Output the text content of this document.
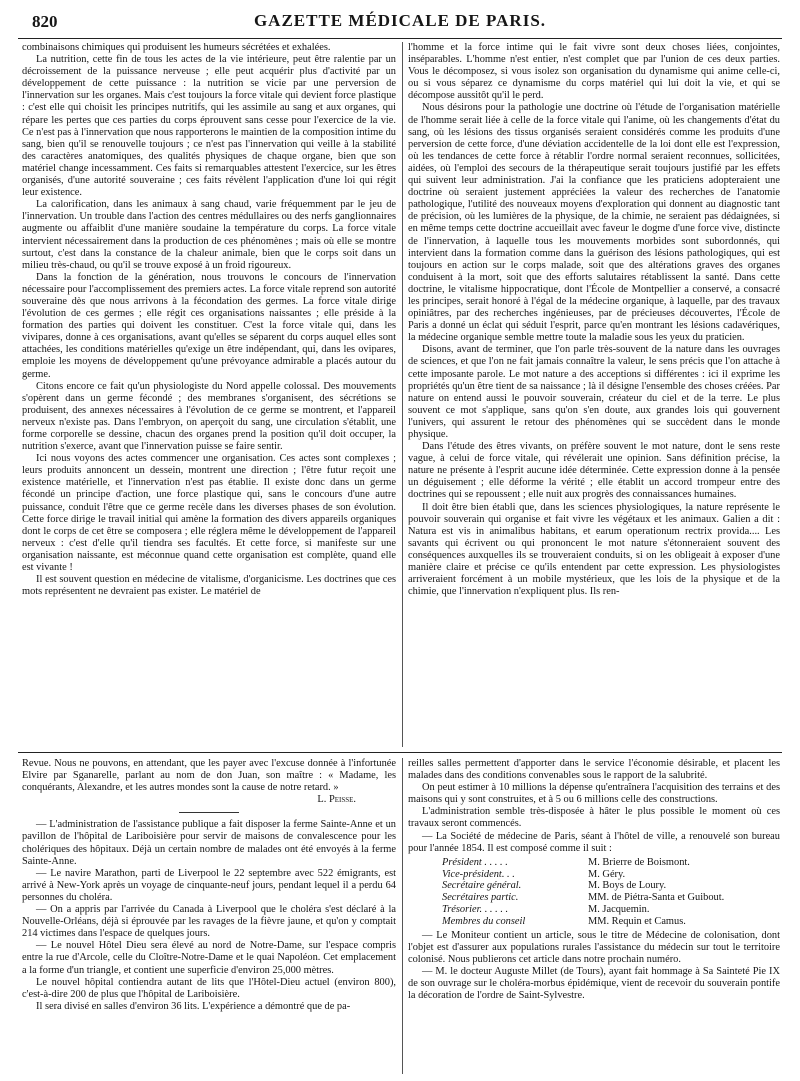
820	GAZETTE MÉDICALE DE PARIS.

combinaisons chimiques qui produisent les humeurs sécrétées et exhalées.

La nutrition, cette fin de tous les actes de la vie intérieure, peut être ralentie par un décroissement de la puissance nerveuse ; elle peut acquérir plus d'activité par un développement de cette puissance : la nutrition se vicie par une perversion de l'innervation sur les organes. Mais c'est toujours la force vitale qui devient force plastique : c'est elle qui choisit les principes nutritifs, qui les assimile au sang et aux organes, qui répare les pertes que ces parties du corps éprouvent sans cesse pour l'exercice de la vie. Ce n'est pas à l'innervation que nous rapporterons le maintien de la composition intime du sang, bien qu'il se renouvelle toujours ; ce n'est pas l'innervation qui veille à la stabilité des caractères anatomiques, des qualités physiques de chaque organe, bien que son matériel change incessamment. Ces faits si remarquables attestent l'exercice, sur les êtres organisés, d'une autorité souveraine ; ces faits révèlent l'application d'une loi qui régit leur existence.

La calorification, dans les animaux à sang chaud, varie fréquemment par le jeu de l'innervation. Un trouble dans l'action des centres médullaires ou des nerfs ganglionnaires augmente ou affaiblit d'une manière soudaine la température du corps. La force vitale intervient nécessairement dans la production de ces phénomènes ; mais où elle se montre surtout, c'est dans la constance de la chaleur animale, bien que le corps soit dans un milieu très-chaud, ou qu'il se trouve exposé à un froid rigoureux.

Dans la fonction de la génération, nous trouvons le concours de l'innervation nécessaire pour l'accomplissement des premiers actes. La force vitale reprend son autorité souveraine dès que nous arrivons à la fécondation des germes. La force vitale dirige l'évolution de ces germes ; elle régit ces organisations naissantes ; elle préside à la formation des parties qui doivent les constituer. C'est la force vitale qui, dans les vivipares, donne à ces organisations, avant qu'elles se séparent du corps auquel elles sont attachées, les conditions matérielles qu'exige un être indépendant, qui, dans les ovipares, emploie les moyens de développement qu'une prévoyance admirable a placés autour du germe.

Citons encore ce fait qu'un physiologiste du Nord appelle colossal. Des mouvements s'opèrent dans un germe fécondé ; des membranes s'organisent, des sécrétions se produisent, des annexes nécessaires à l'évolution de ce germe se montrent, et l'appareil nerveux n'existe pas. Dans l'embryon, on aperçoit du sang, une circulation s'établit, une forme corporelle se dessine, chacun des organes prend la position qu'il doit occuper, la nutrition s'exerce, avant que l'innervation puisse se faire sentir.

Ici nous voyons des actes commencer une organisation. Ces actes sont complexes ; leurs produits annoncent un dessein, montrent une direction ; l'être futur reçoit une existence matérielle, et l'innervation n'est pas établie. Il existe donc dans un germe fécondé un principe d'action, une force plastique qui, sans le concours d'une autre puissance, conduit l'être que ce germe recèle dans les diverses phases de son évolution. Cette force dirige le travail initial qui amène la formation des divers appareils organiques dont le corps de cet être se composera ; elle réglera même le développement de l'appareil nerveux : c'est d'elle qu'il tiendra ses facultés. Et cette force, si manifeste sur une organisation naissante, est méconnue quand cette organisation est complète, quand elle est vivante !

Il est souvent question en médecine de vitalisme, d'organicisme. Les doctrines que ces mots représentent ne devraient pas exister. Le matériel de

l'homme et la force intime qui le fait vivre sont deux choses liées, conjointes, inséparables. L'homme n'est entier, n'est complet que par l'union de ces deux parties. Vous le décomposez, si vous isolez son organisation du dynamisme qui anime celle-ci, ou si vous séparez ce dynamisme du corps matériel qui lui doit la vie, et qui se décompose aussitôt qu'il le perd.

Nous désirons pour la pathologie une doctrine où l'étude de l'organisation matérielle de l'homme serait liée à celle de la force vitale qui l'anime, où les changements d'état du sang, où les lésions des tissus organisés seraient considérés comme les produits d'une perversion de cette force, d'une déviation accidentelle de la loi dont elle est l'expression, où les tendances de cette force à rétablir l'ordre normal seraient reconnues, sollicitées, aidées, où l'emploi des secours de la thérapeutique serait toujours justifié par les effets qui suivent leur administration. J'ai la confiance que les praticiens adopteraient une doctrine où seraient justement appréciées la valeur des recherches de l'anatomie pathologique, l'utilité des nouveaux moyens d'exploration qui donnent au diagnostic tant de précision, où les lumières de la physique, de la chimie, ne seraient pas dédaignées, si en même temps cette doctrine accueillait avec faveur le dogme d'une force vive, distincte de l'innervation, à laquelle tous les mouvements morbides sont subordonnés, qui intervient dans la formation comme dans la guérison des lésions pathologiques, qui est toujours en action sur le corps malade, soit que des altérations graves des organes conduisent à la mort, soit que des efforts salutaires rétablissent la santé. Dans cette doctrine, le vitalisme hippocratique, dont l'École de Montpellier a conservé, a consacré les principes, serait honoré à l'égal de la médecine organique, à laquelle, par des travaux opiniâtres, par des recherches ingénieuses, par de précieuses découvertes, l'École de Paris a donné un éclat qui séduit l'esprit, parce qu'en montrant les lésions cadavériques, la médecine organique semble mettre toute la maladie sous les yeux du praticien.

Disons, avant de terminer, que l'on parle très-souvent de la nature dans les ouvrages de sciences, et que l'on ne fait jamais connaître la valeur, le sens précis que l'on attache à cette imposante parole. Le mot nature a des acceptions si différentes : ici il exprime les propriétés qu'un être tient de sa naissance ; là il désigne l'ensemble des choses créées. Par nature on entend aussi le pouvoir souverain, créateur du ciel et de la terre. Le plus souvent ce mot s'applique, sans qu'on s'en doute, aux grandes lois qui gouvernent l'univers, qui assurent le retour des phénomènes qui se succèdent dans le monde physique.

Dans l'étude des êtres vivants, on préfère souvent le mot nature, dont le sens reste vague, à celui de force vitale, qui révélerait une opinion. Sans définition précise, la nature ne présente à l'esprit aucune idée déterminée. Cette expression donne à la pensée un déguisement ; elle déforme la vérité ; elle établit un accord trompeur entre des doctrines qui se repoussent ; elle nuit aux progrès des connaissances humaines.

Il doit être bien établi que, dans les sciences physiologiques, la nature représente le pouvoir souverain qui organise et fait vivre les végétaux et les animaux. Galien a dit : Natura est vis in animalibus habitans, et earum operationum rectrix provida.... Les savants qui écrivent ou qui prononcent le mot nature s'étonneraient souvent des conséquences auxquelles ils se trouveraient conduits, si on les obligeait à exposer d'une manière claire et précise ce qu'ils entendent par cette expression. Les physiologistes arriveraient forcément à un mobile mystérieux, que les lois de la physique et de la chimie, que l'innervation n'expliquent plus. Ils ren-

Revue. Nous ne pouvons, en attendant, que les payer avec l'excuse donnée à l'infortunée Elvire par Sganarelle, parlant au nom de don Juan, son maître : « Madame, les conquérants, Alexandre, et les autres mondes sont la cause de notre retard. »

L. Peisse.

— L'administration de l'assistance publique a fait disposer la ferme Sainte-Anne et un pavillon de l'hôpital de Lariboisière pour servir de maisons de convalescence pour les cholériques des hôpitaux. Déjà un certain nombre de malades ont été envoyés à la ferme Sainte-Anne.

— Le navire Marathon, parti de Liverpool le 22 septembre avec 522 émigrants, est arrivé à New-York après un voyage de cinquante-neuf jours, pendant lequel il a perdu 64 personnes du choléra.

— On a appris par l'arrivée du Canada à Liverpool que le choléra s'est déclaré à la Nouvelle-Orléans, déjà si éprouvée par les ravages de la fièvre jaune, et qu'on y comptait 214 victimes dans l'espace de quelques jours.

— Le nouvel Hôtel Dieu sera élevé au nord de Notre-Dame, sur l'espace compris entre la rue d'Arcole, celle du Cloître-Notre-Dame et le quai Napoléon. Cet emplacement a la forme d'un triangle, et contient une superficie d'environ 25,000 mètres.

Le nouvel hôpital contiendra autant de lits que l'Hôtel-Dieu actuel (environ 800), c'est-à-dire 200 de plus que l'hôpital de Lariboisière.

Il sera divisé en salles d'environ 36 lits. L'expérience a démontré que de pa-

reilles salles permettent d'apporter dans le service l'économie désirable, et placent les malades dans des conditions convenables sous le rapport de la salubrité.

On peut estimer à 10 millions la dépense qu'entraînera l'acquisition des terrains et des maisons qui y sont construites, et à 5 ou 6 millions celle des constructions.

L'administration semble très-disposée à hâter le plus possible le moment où ces travaux seront commencés.

— La Société de médecine de Paris, séant à l'hôtel de ville, a renouvelé son bureau pour l'année 1854. Il est composé comme il suit :

Président . . . . .	M. Brierre de Boismont.
Vice-président. . .	M. Géry.
Secrétaire général.	M. Boys de Loury.
Secrétaires partic.	MM. de Piétra-Santa et Guibout.
Trésorier. . . . . .	M. Jacquemin.
Membres du conseil	MM. Requin et Camus.

— Le Moniteur contient un article, sous le titre de Médecine de colonisation, dont l'objet est d'assurer aux populations rurales l'assistance du médecin sur tout le territoire colonisé. Nous publierons cet article dans notre prochain numéro.

— M. le docteur Auguste Millet (de Tours), ayant fait hommage à Sa Sainteté Pie IX de son ouvrage sur le choléra-morbus épidémique, vient de recevoir du souverain pontife la décoration de l'ordre de Saint-Sylvestre.
